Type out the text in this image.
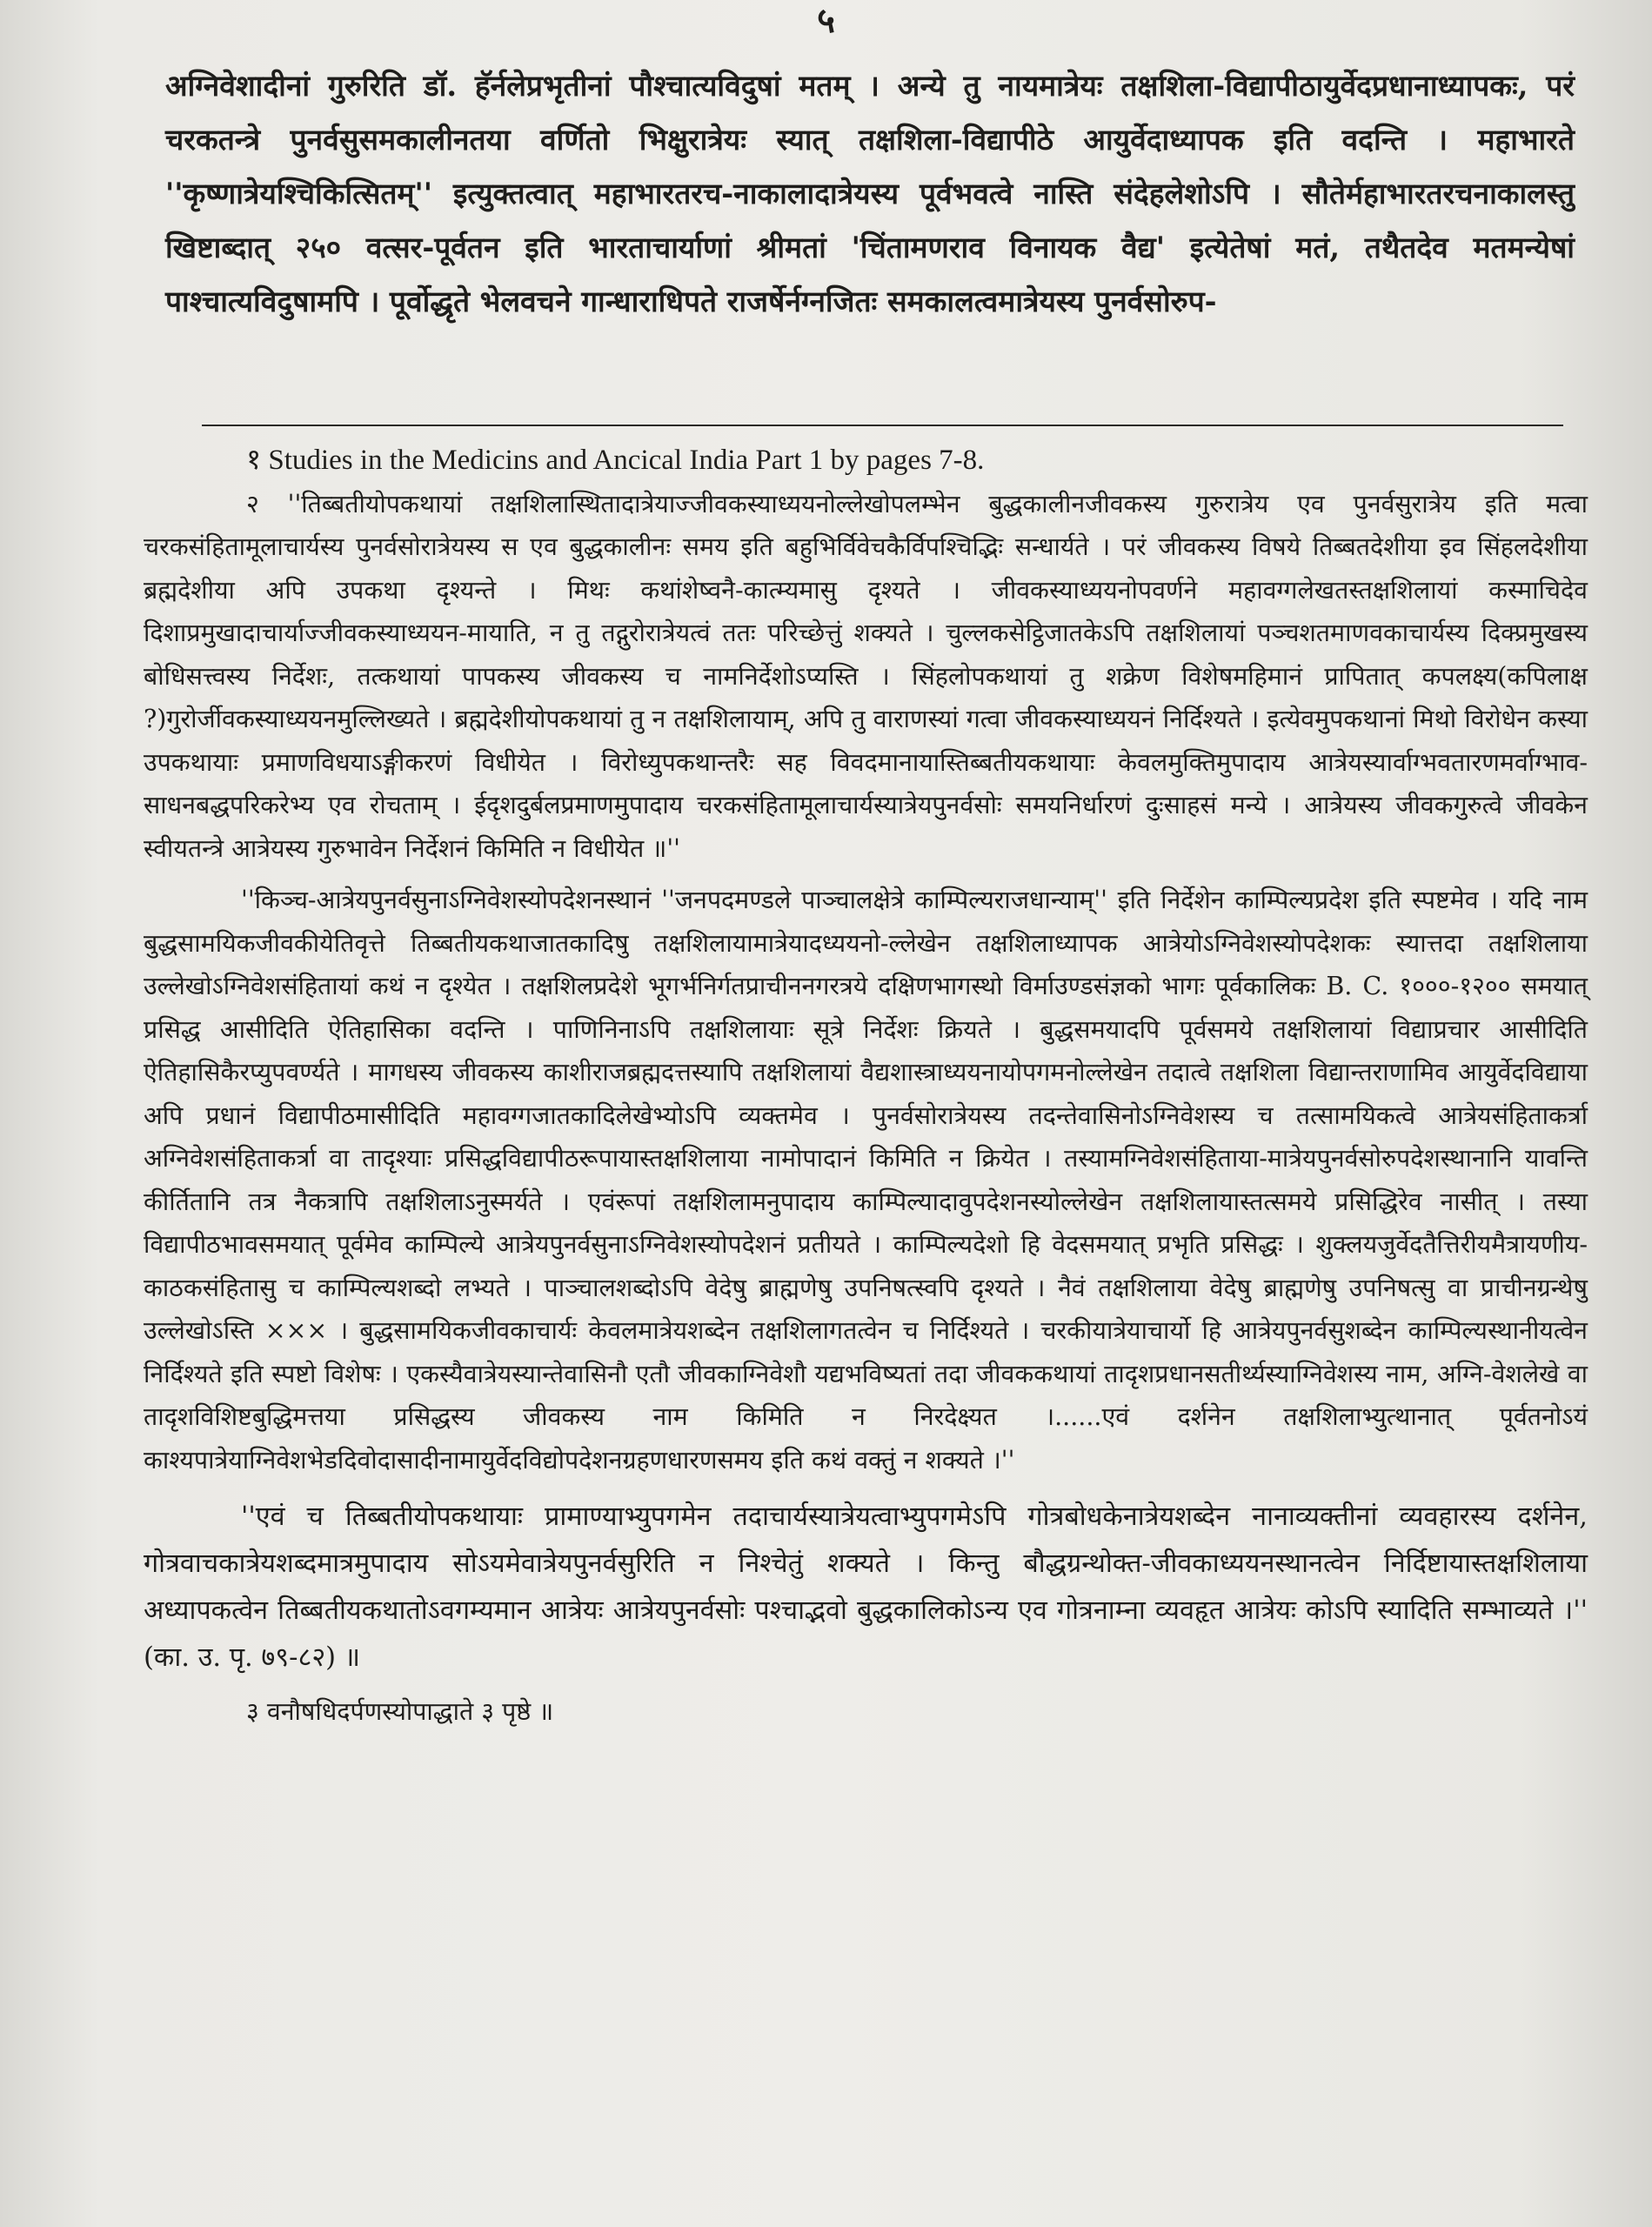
५
अग्निवेशादीनां गुरुरिति डॉ. हॅर्नलेप्रभृतीनां पौश्चात्यविदुषां मतम् । अन्ये तु नायमात्रेयः तक्षशिला-विद्यापीठायुर्वेदप्रधानाध्यापकः, परं चरकतन्त्रे पुनर्वसुसमकालीनतया वर्णितो भिक्षुरात्रेयः स्यात् तक्षशिला-विद्यापीठे आयुर्वेदाध्यापक इति वदन्ति । महाभारते ''कृष्णात्रेयश्चिकित्सितम्'' इत्युक्तत्वात् महाभारतरच-नाकालादात्रेयस्य पूर्वभवत्वे नास्ति संदेहलेशोऽपि । सौतेर्महाभारतरचनाकालस्तु खिष्टाब्दात् २५० वत्सर-पूर्वतन इति भारताचार्याणां श्रीमतां 'चिंतामणराव विनायक वैद्य' इत्येतेषां मतं, तथैतदेव मतमन्येषां पाश्चात्यविदुषामपि । पूर्वोद्धृते भेलवचने गान्धाराधिपते राजर्षेर्नग्नजितः समकालत्वमात्रेयस्य पुनर्वसोरुप-

१ Studies in the Medicins and Ancical India Part 1 by pages 7-8.

२ ''तिब्बतीयोपकथायां तक्षशिलास्थितादात्रेयाज्जीवकस्याध्ययनोल्लेखोपलम्भेन बुद्धकालीनजीवकस्य गुरुरात्रेय एव पुनर्वसुरात्रेय इति मत्वा चरकसंहितामूलाचार्यस्य पुनर्वसोरात्रेयस्य स एव बुद्धकालीनः समय इति बहुभिर्विवेचकैर्विपश्चिद्भिः सन्धार्यते । परं जीवकस्य विषये तिब्बतदेशीया इव सिंहलदेशीया ब्रह्मदेशीया अपि उपकथा दृश्यन्ते । मिथः कथांशेष्वनै-कात्म्यमासु दृश्यते । जीवकस्याध्ययनोपवर्णने महावग्गलेखतस्तक्षशिलायां कस्माचिदेव दिशाप्रमुखादाचार्याज्जीवकस्याध्ययन-मायाति, न तु तद्गुरोरात्रेयत्वं ततः परिच्छेत्तुं शक्यते । चुल्लकसेट्ठिजातकेऽपि तक्षशिलायां पञ्चशतमाणवकाचार्यस्य दिक्प्रमुखस्य बोधिसत्त्वस्य निर्देशः, तत्कथायां पापकस्य जीवकस्य च नामनिर्देशोऽप्यस्ति । सिंहलोपकथायां तु शक्रेण विशेषमहिमानं प्रापितात् कपलक्ष्य(कपिलाक्ष ?)गुरोर्जीवकस्याध्ययनमुल्लिख्यते । ब्रह्मदेशीयोपकथायां तु न तक्षशिलायाम्, अपि तु वाराणस्यां गत्वा जीवकस्याध्ययनं निर्दिश्यते । इत्येवमुपकथानां मिथो विरोधेन कस्या उपकथायाः प्रमाणविधयाऽङ्गीकरणं विधीयेत । विरोध्युपकथान्तरैः सह विवदमानायास्तिब्बतीयकथायाः केवलमुक्तिमुपादाय आत्रेयस्यार्वाग्भवतारणमर्वाग्भाव-साधनबद्धपरिकरेभ्य एव रोचताम् । ईदृशदुर्बलप्रमाणमुपादाय चरकसंहितामूलाचार्यस्यात्रेयपुनर्वसोः समयनिर्धारणं दुःसाहसं मन्ये । आत्रेयस्य जीवकगुरुत्वे जीवकेन स्वीयतन्त्रे आत्रेयस्य गुरुभावेन निर्देशनं किमिति न विधीयेत ॥''

''किञ्च-आत्रेयपुनर्वसुनाऽग्निवेशस्योपदेशनस्थानं ''जनपदमण्डले पाञ्चालक्षेत्रे काम्पिल्यराजधान्याम्'' इति निर्देशेन काम्पिल्यप्रदेश इति स्पष्टमेव । यदि नाम बुद्धसामयिकजीवकीयेतिवृत्ते तिब्बतीयकथाजातकादिषु तक्षशिलायामात्रेयादध्ययनो-ल्लेखेन तक्षशिलाध्यापक आत्रेयोऽग्निवेशस्योपदेशकः स्यात्तदा तक्षशिलाया उल्लेखोऽग्निवेशसंहितायां कथं न दृश्येत । तक्षशिलप्रदेशे भूगर्भनिर्गतप्राचीननगरत्रये दक्षिणभागस्थो विर्माउण्डसंज्ञको भागः पूर्वकालिकः B. C. १०००-१२०० समयात् प्रसिद्ध आसीदिति ऐतिहासिका वदन्ति । पाणिनिनाऽपि तक्षशिलायाः सूत्रे निर्देशः क्रियते । बुद्धसमयादपि पूर्वसमये तक्षशिलायां विद्याप्रचार आसीदिति ऐतिहासिकैरप्युपवर्ण्यते । मागधस्य जीवकस्य काशीराजब्रह्मदत्तस्यापि तक्षशिलायां वैद्यशास्त्राध्ययनायोपगमनोल्लेखेन तदात्वे तक्षशिला विद्यान्तराणामिव आयुर्वेदविद्याया अपि प्रधानं विद्यापीठमासीदिति महावग्गजातकादिलेखेभ्योऽपि व्यक्तमेव । पुनर्वसोरात्रेयस्य तदन्तेवासिनोऽग्निवेशस्य च तत्सामयिकत्वे आत्रेयसंहिताकर्त्रा अग्निवेशसंहिताकर्त्रा वा तादृश्याः प्रसिद्धविद्यापीठरूपायास्तक्षशिलाया नामोपादानं किमिति न क्रियेत । तस्यामग्निवेशसंहिताया-मात्रेयपुनर्वसोरुपदेशस्थानानि यावन्ति कीर्तितानि तत्र नैकत्रापि तक्षशिलाऽनुस्मर्यते । एवंरूपां तक्षशिलामनुपादाय काम्पिल्यादावुपदेशनस्योल्लेखेन तक्षशिलायास्तत्समये प्रसिद्धिरेव नासीत् । तस्या विद्यापीठभावसमयात् पूर्वमेव काम्पिल्ये आत्रेयपुनर्वसुनाऽग्निवेशस्योपदेशनं प्रतीयते । काम्पिल्यदेशो हि वेदसमयात् प्रभृति प्रसिद्धः । शुक्लयजुर्वेदतैत्तिरीयमैत्रायणीय-काठकसंहितासु च काम्पिल्यशब्दो लभ्यते । पाञ्चालशब्दोऽपि वेदेषु ब्राह्मणेषु उपनिषत्स्वपि दृश्यते । नैवं तक्षशिलाया वेदेषु ब्राह्मणेषु उपनिषत्सु वा प्राचीनग्रन्थेषु उल्लेखोऽस्ति ××× । बुद्धसामयिकजीवकाचार्यः केवलमात्रेयशब्देन तक्षशिलागतत्वेन च निर्दिश्यते । चरकीयात्रेयाचार्यो हि आत्रेयपुनर्वसुशब्देन काम्पिल्यस्थानीयत्वेन निर्दिश्यते इति स्पष्टो विशेषः । एकस्यैवात्रेयस्यान्तेवासिनौ एतौ जीवकाग्निवेशौ यद्यभविष्यतां तदा जीवककथायां तादृशप्रधानसतीर्थ्यस्याग्निवेशस्य नाम, अग्नि-वेशलेखे वा तादृशविशिष्टबुद्धिमत्तया प्रसिद्धस्य जीवकस्य नाम किमिति न निरदेक्ष्यत ।......एवं दर्शनेन तक्षशिलाभ्युत्थानात् पूर्वतनोऽयं काश्यपात्रेयाग्निवेशभेडदिवोदासादीनामायुर्वेदविद्योपदेशनग्रहणधारणसमय इति कथं वक्तुं न शक्यते ।''

''एवं च तिब्बतीयोपकथायाः प्रामाण्याभ्युपगमेन तदाचार्यस्यात्रेयत्वाभ्युपगमेऽपि गोत्रबोधकेनात्रेयशब्देन नानाव्यक्तीनां व्यवहारस्य दर्शनेन, गोत्रवाचकात्रेयशब्दमात्रमुपादाय सोऽयमेवात्रेयपुनर्वसुरिति न निश्चेतुं शक्यते । किन्तु बौद्धग्रन्थोक्त-जीवकाध्ययनस्थानत्वेन निर्दिष्टायास्तक्षशिलाया अध्यापकत्वेन तिब्बतीयकथातोऽवगम्यमान आत्रेयः आत्रेयपुनर्वसोः पश्चाद्भवो बुद्धकालिकोऽन्य एव गोत्रनाम्ना व्यवहृत आत्रेयः कोऽपि स्यादिति सम्भाव्यते ।'' (का. उ. पृ. ७९-८२) ॥

३ वनौषधिदर्पणस्योपाद्धाते ३ पृष्ठे ॥
